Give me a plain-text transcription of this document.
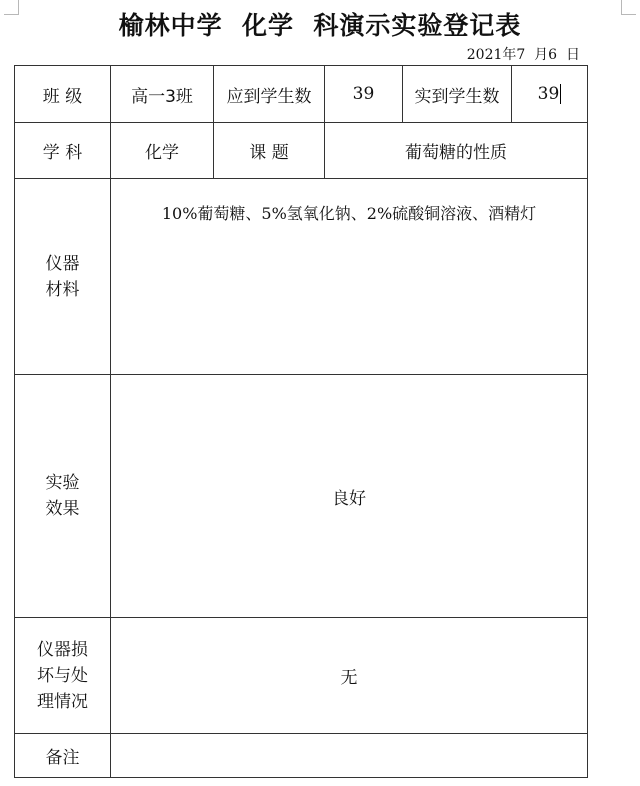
榆林中学  化学  科演示实验登记表
2021年7  月6  日
班 级	高一3班	应到学生数	39	实到学生数	39
学 科	化学	课 题	葡萄糖的性质		

仪器
材料	10%葡萄糖、5%氢氧化钠、2%硫酸铜溶液、酒精灯				

实验
效果	良好				

仪器损
坏与处
理情况	无				
备注					
